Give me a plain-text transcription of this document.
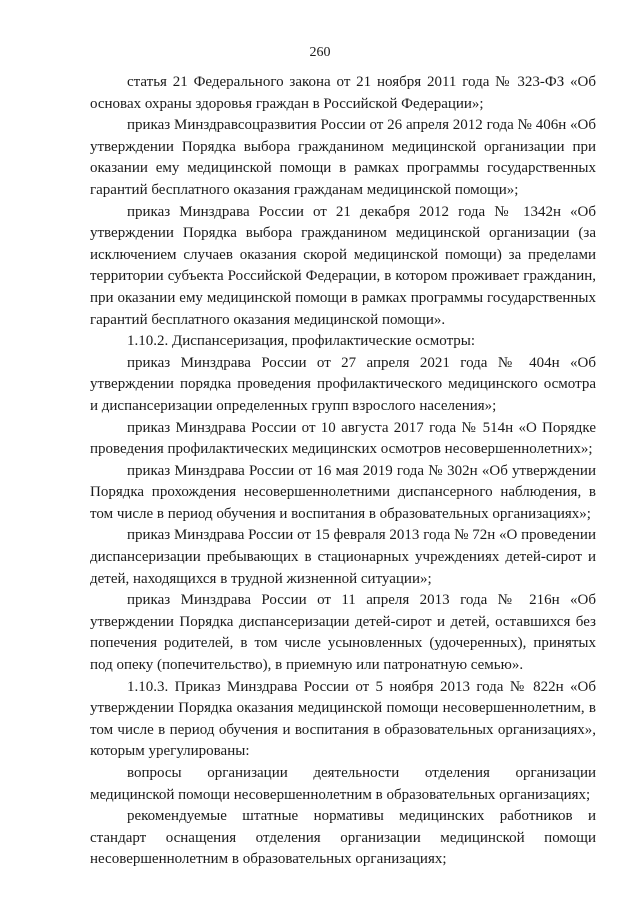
260

статья 21 Федерального закона от 21 ноября 2011 года № 323-ФЗ «Об основах охраны здоровья граждан в Российской Федерации»;

приказ Минздравсоцразвития России от 26 апреля 2012 года № 406н «Об утверждении Порядка выбора гражданином медицинской организации при оказании ему медицинской помощи в рамках программы государственных гарантий бесплатного оказания гражданам медицинской помощи»;

приказ Минздрава России от 21 декабря 2012 года № 1342н «Об утверждении Порядка выбора гражданином медицинской организации (за исключением случаев оказания скорой медицинской помощи) за пределами территории субъекта Российской Федерации, в котором проживает гражданин, при оказании ему медицинской помощи в рамках программы государственных гарантий бесплатного оказания медицинской помощи».

1.10.2. Диспансеризация, профилактические осмотры:

приказ Минздрава России от 27 апреля 2021 года № 404н «Об утверждении порядка проведения профилактического медицинского осмотра и диспансеризации определенных групп взрослого населения»;

приказ Минздрава России от 10 августа 2017 года № 514н «О Порядке проведения профилактических медицинских осмотров несовершеннолетних»;

приказ Минздрава России от 16 мая 2019 года № 302н «Об утверждении Порядка прохождения несовершеннолетними диспансерного наблюдения, в том числе в период обучения и воспитания в образовательных организациях»;

приказ Минздрава России от 15 февраля 2013 года № 72н «О проведении диспансеризации пребывающих в стационарных учреждениях детей-сирот и детей, находящихся в трудной жизненной ситуации»;

приказ Минздрава России от 11 апреля 2013 года № 216н «Об утверждении Порядка диспансеризации детей-сирот и детей, оставшихся без попечения родителей, в том числе усыновленных (удочеренных), принятых под опеку (попечительство), в приемную или патронатную семью».

1.10.3. Приказ Минздрава России от 5 ноября 2013 года № 822н «Об утверждении Порядка оказания медицинской помощи несовершеннолетним, в том числе в период обучения и воспитания в образовательных организациях», которым урегулированы:

вопросы организации деятельности отделения организации медицинской помощи несовершеннолетним в образовательных организациях;

рекомендуемые штатные нормативы медицинских работников и стандарт оснащения отделения организации медицинской помощи несовершеннолетним в образовательных организациях;
